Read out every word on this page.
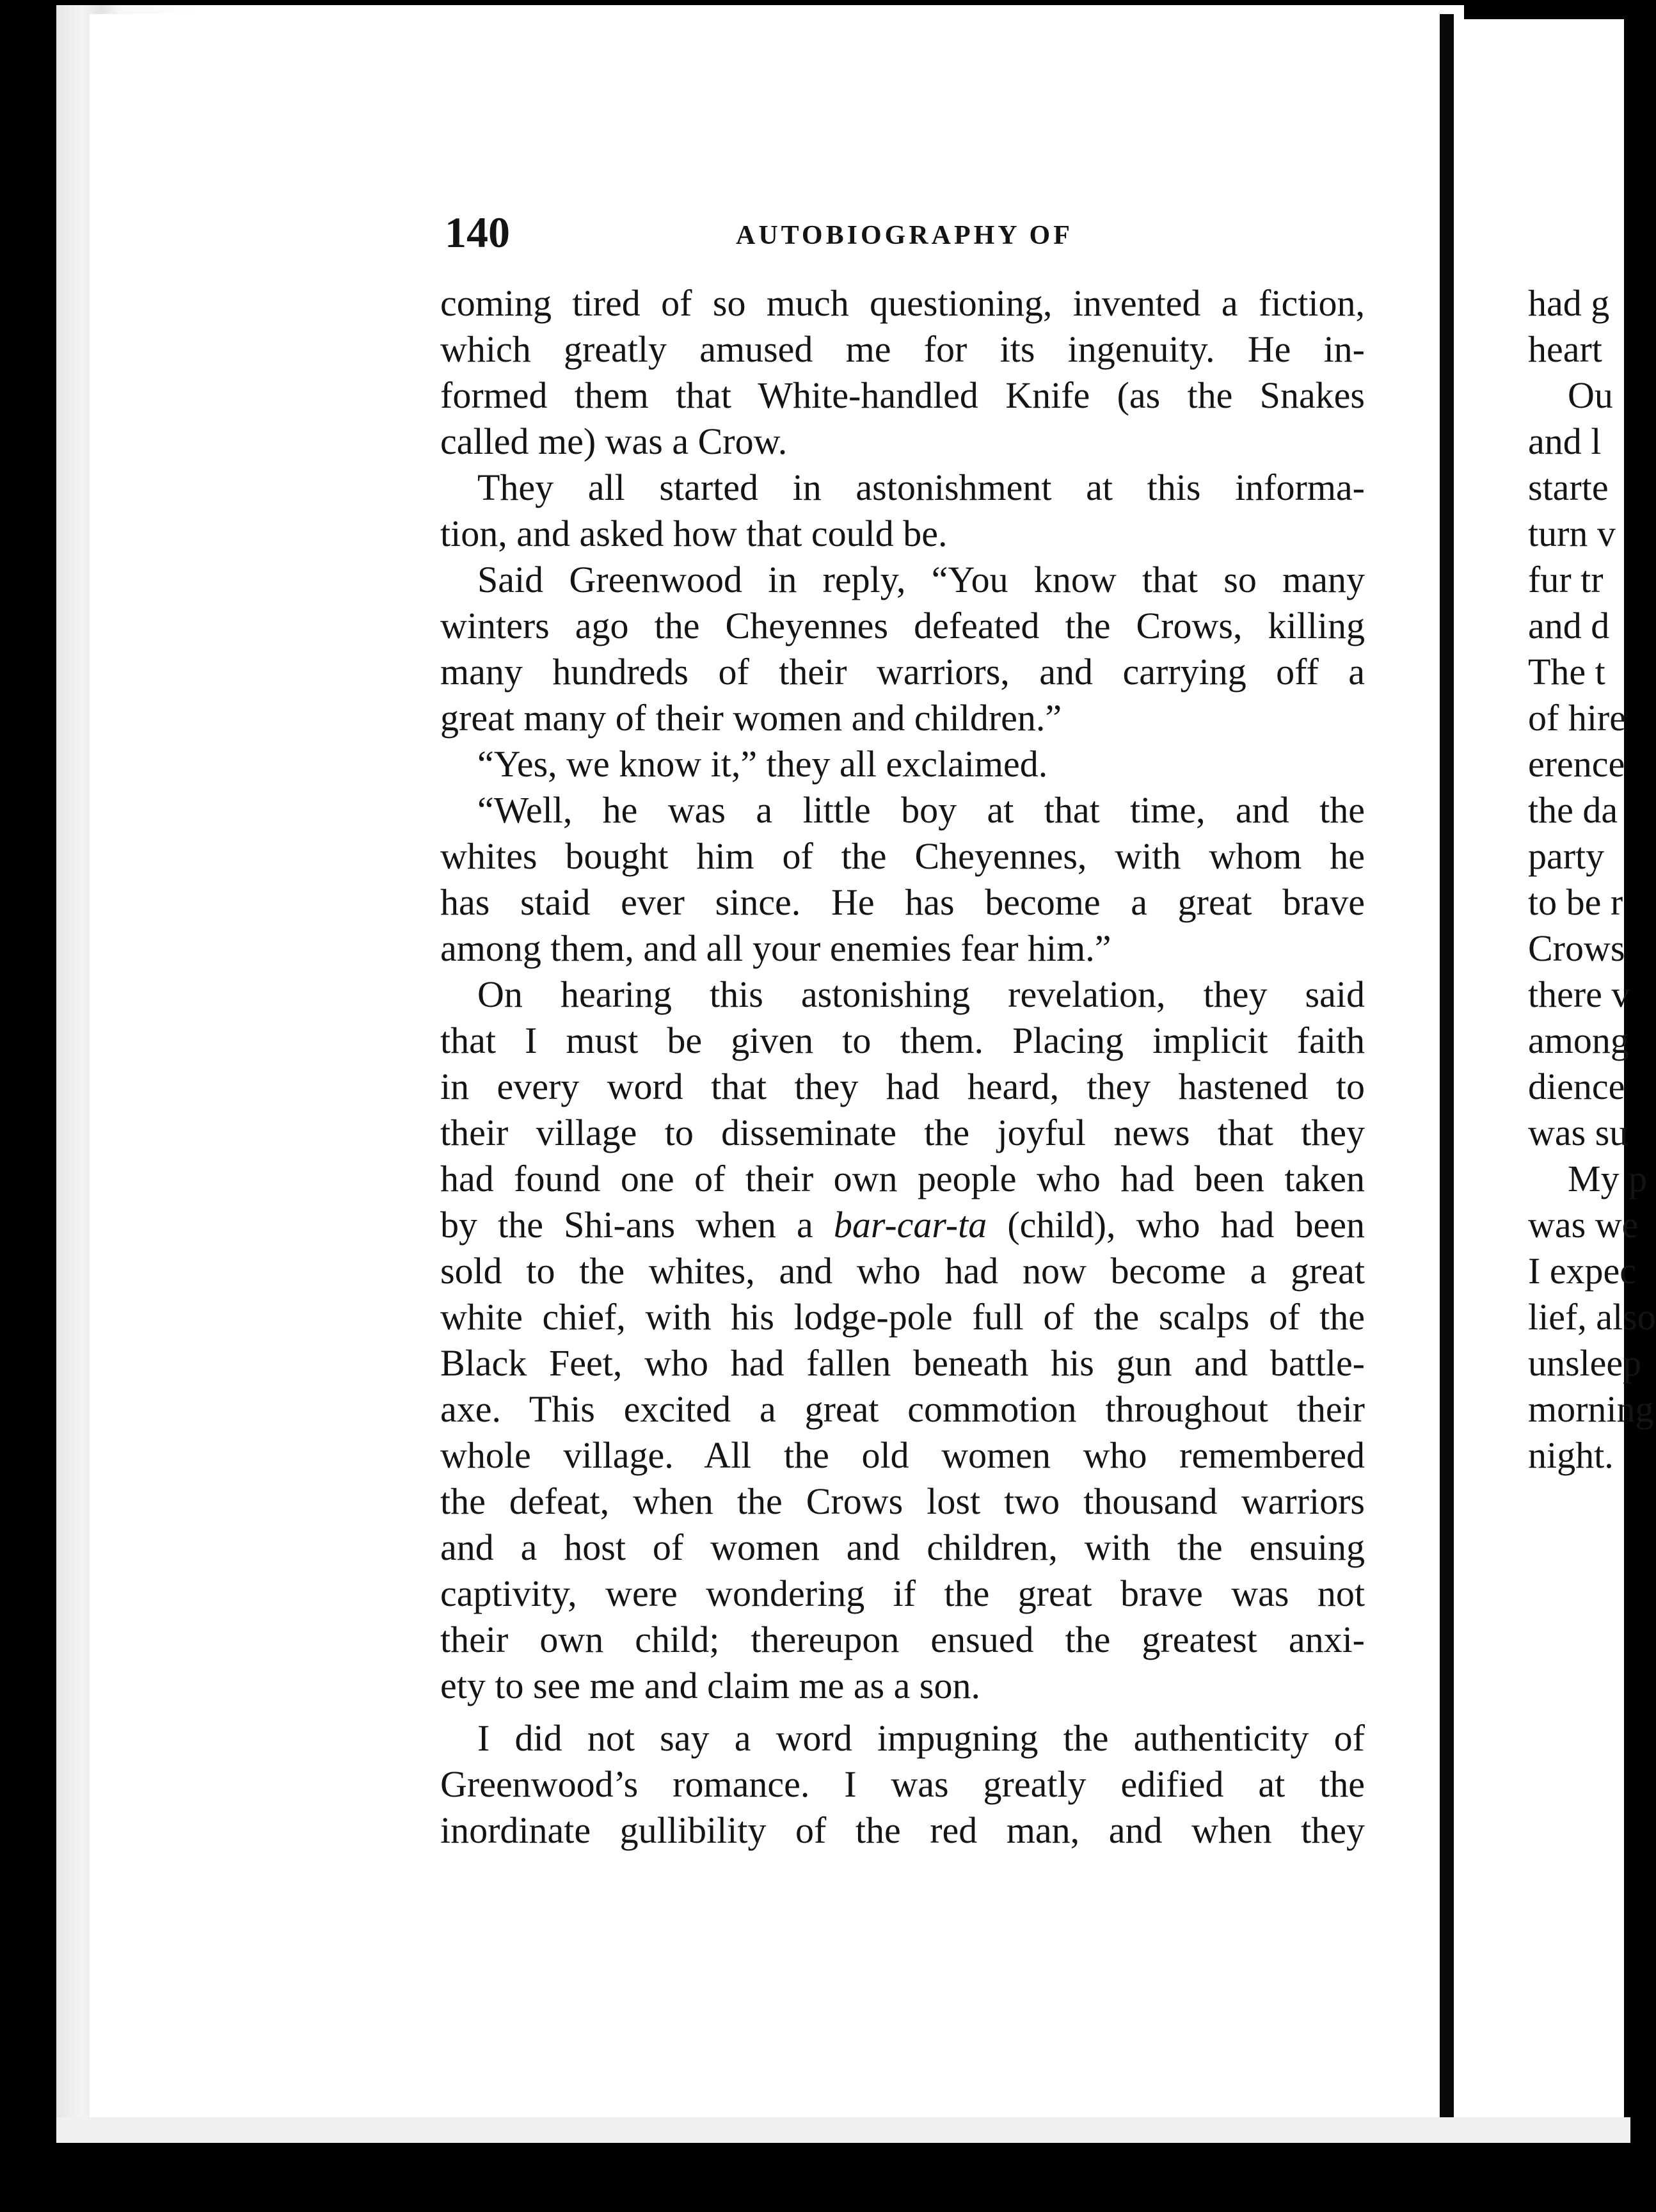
140	AUTOBIOGRAPHY OF
coming tired of so much questioning, invented a fiction,
which greatly amused me for its ingenuity. He in-
formed them that White-handled Knife (as the Snakes
called me) was a Crow.
They all started in astonishment at this informa-
tion, and asked how that could be.
Said Greenwood in reply, “You know that so many
winters ago the Cheyennes defeated the Crows, killing
many hundreds of their warriors, and carrying off a
great many of their women and children.”
“Yes, we know it,” they all exclaimed.
“Well, he was a little boy at that time, and the
whites bought him of the Cheyennes, with whom he
has staid ever since. He has become a great brave
among them, and all your enemies fear him.”
On hearing this astonishing revelation, they said
that I must be given to them. Placing implicit faith
in every word that they had heard, they hastened to
their village to disseminate the joyful news that they
had found one of their own people who had been taken
by the Shi-ans when a bar-car-ta (child), who had been
sold to the whites, and who had now become a great
white chief, with his lodge-pole full of the scalps of the
Black Feet, who had fallen beneath his gun and battle-
axe. This excited a great commotion throughout their
whole village. All the old women who remembered
the defeat, when the Crows lost two thousand warriors
and a host of women and children, with the ensuing
captivity, were wondering if the great brave was not
their own child; thereupon ensued the greatest anxi-
ety to see me and claim me as a son.
I did not say a word impugning the authenticity of
Greenwood’s romance. I was greatly edified at the
inordinate gullibility of the red man, and when they
had g
heart
Ou
and l
starte
turn v
fur tr
and d
The t
of hire
erence
the da
party
to be r
Crows
there v
among
dience
was su
My p
was we
I expec
lief, also
unsleep
morning
night.
